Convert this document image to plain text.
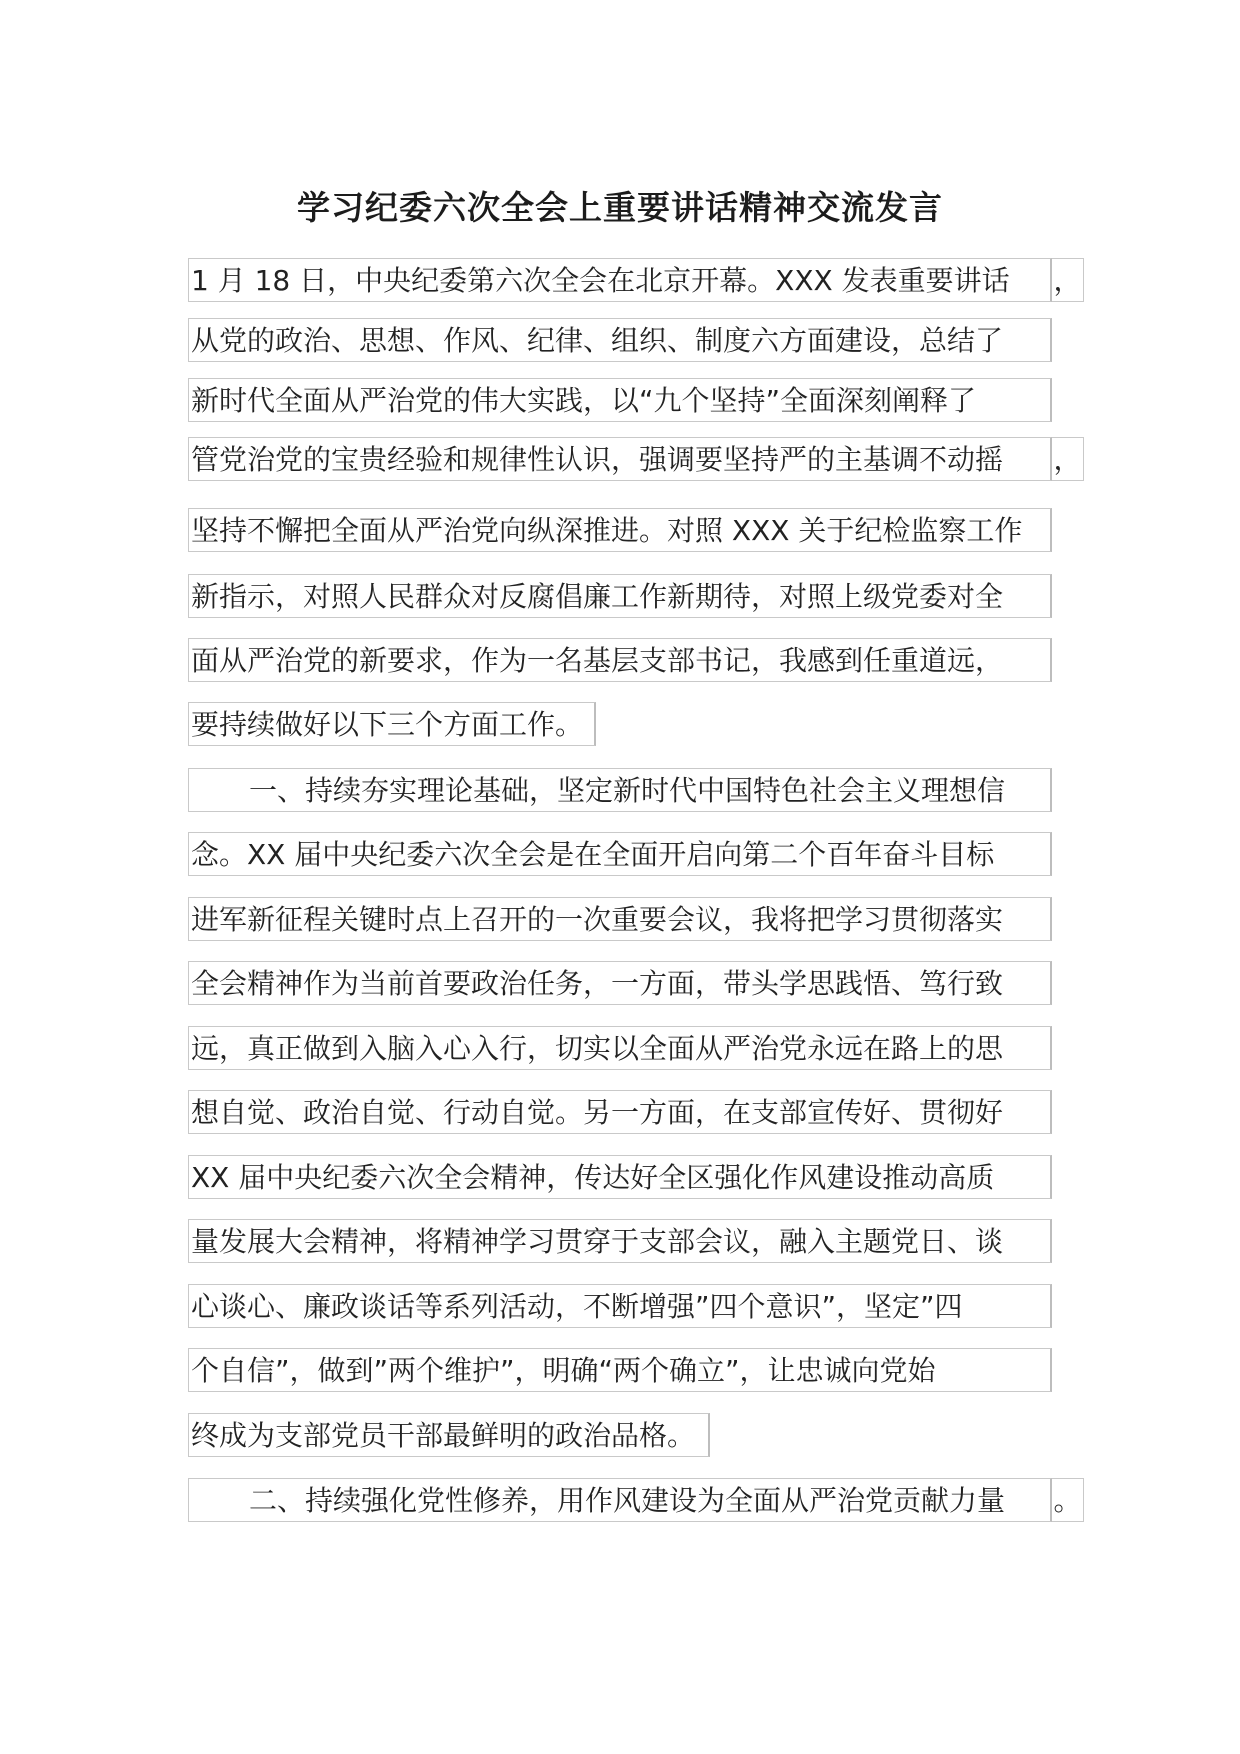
学习纪委六次全会上重要讲话精神交流发言
1 月 18 日，中央纪委第六次全会在北京开幕。XXX 发表重要讲话	，
从党的政治、思想、作风、纪律、组织、制度六方面建设，总结了
新时代全面从严治党的伟大实践，以“九个坚持”全面深刻阐释了
管党治党的宝贵经验和规律性认识，强调要坚持严的主基调不动摇	，
坚持不懈把全面从严治党向纵深推进。对照 XXX 关于纪检监察工作
新指示，对照人民群众对反腐倡廉工作新期待，对照上级党委对全
面从严治党的新要求，作为一名基层支部书记，我感到任重道远，
要持续做好以下三个方面工作。
一、持续夯实理论基础，坚定新时代中国特色社会主义理想信
念。XX 届中央纪委六次全会是在全面开启向第二个百年奋斗目标
进军新征程关键时点上召开的一次重要会议，我将把学习贯彻落实
全会精神作为当前首要政治任务，一方面，带头学思践悟、笃行致
远，真正做到入脑入心入行，切实以全面从严治党永远在路上的思
想自觉、政治自觉、行动自觉。另一方面，在支部宣传好、贯彻好
XX 届中央纪委六次全会精神，传达好全区强化作风建设推动高质
量发展大会精神，将精神学习贯穿于支部会议，融入主题党日、谈
心谈心、廉政谈话等系列活动，不断增强”四个意识”，坚定”四
个自信”，做到”两个维护”，明确“两个确立”，让忠诚向党始
终成为支部党员干部最鲜明的政治品格。
二、持续强化党性修养，用作风建设为全面从严治党贡献力量	。
